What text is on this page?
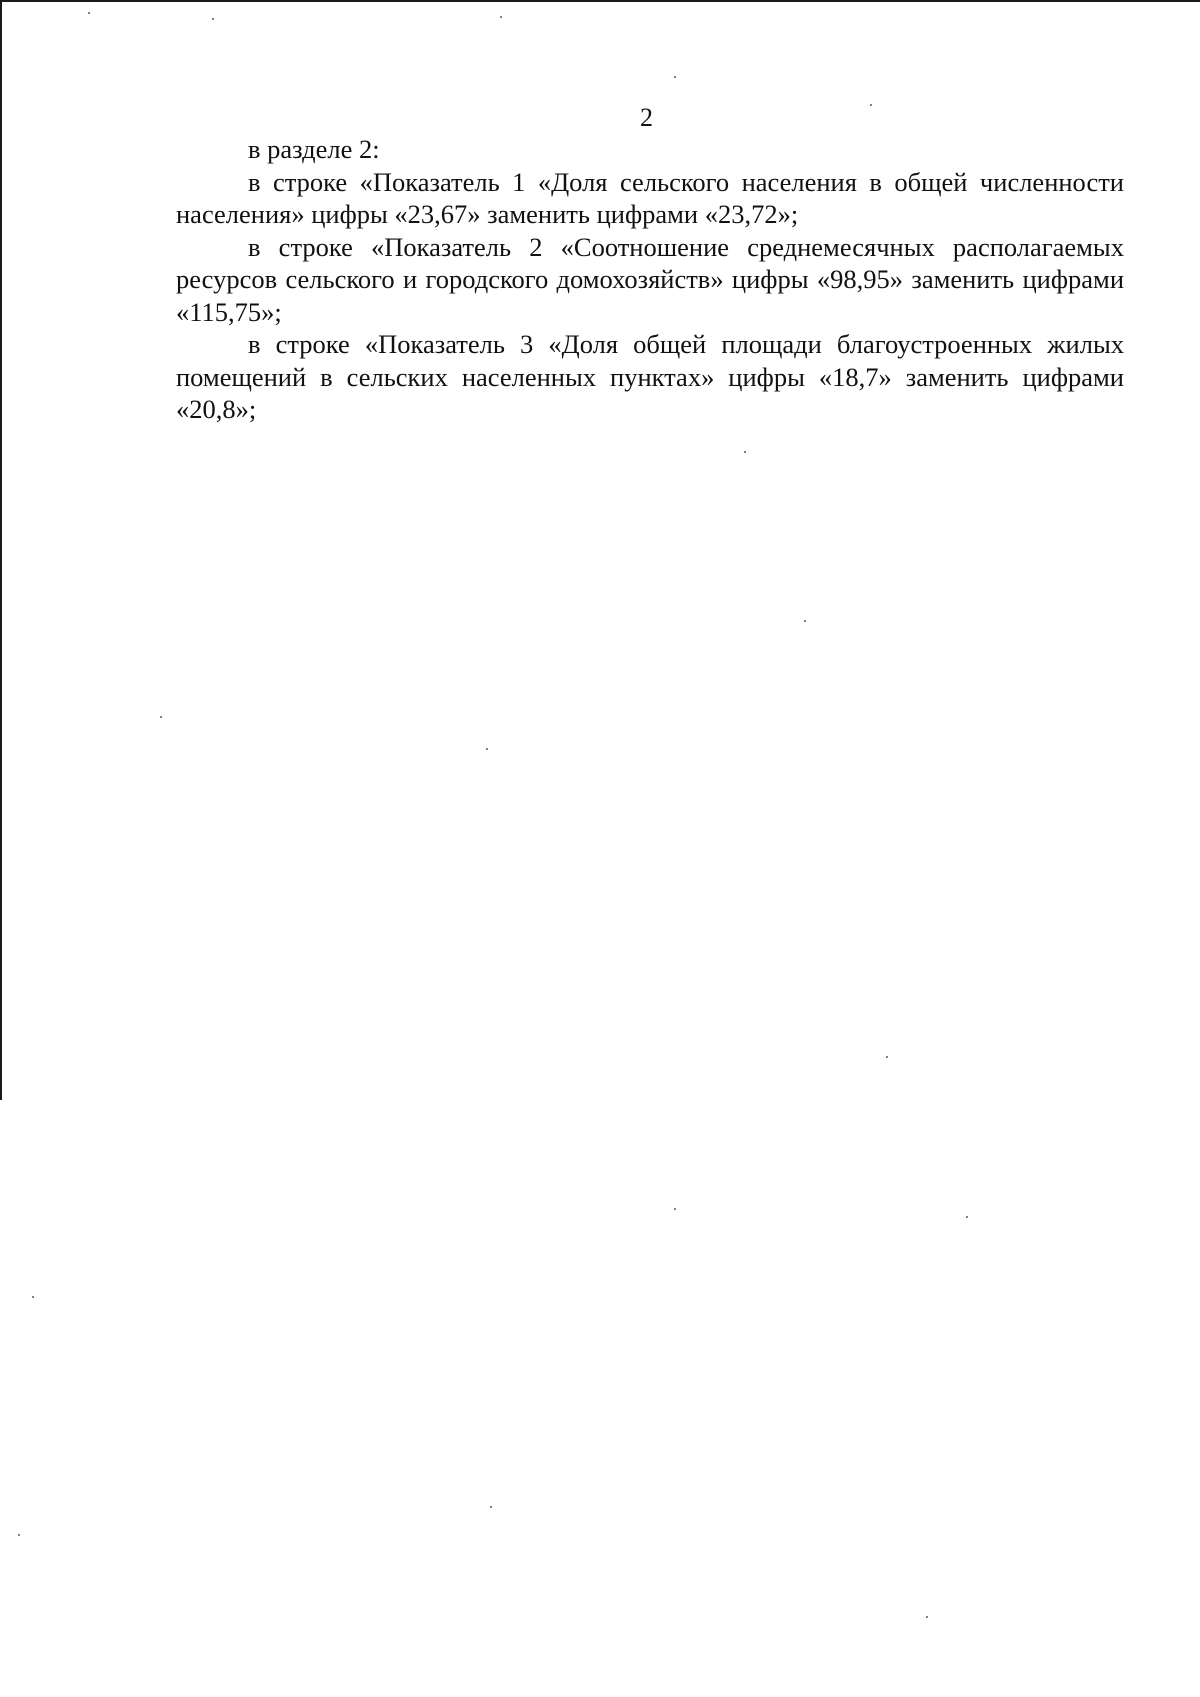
2

в разделе 2:

в строке «Показатель 1 «Доля сельского населения в общей численности населения» цифры «23,67» заменить цифрами «23,72»;

в строке «Показатель 2 «Соотношение среднемесячных располагаемых ресурсов сельского и городского домохозяйств» цифры «98,95» заменить цифрами «115,75»;

в строке «Показатель 3 «Доля общей площади благоустроенных жилых помещений в сельских населенных пунктах» цифры «18,7» заменить цифрами «20,8»;
